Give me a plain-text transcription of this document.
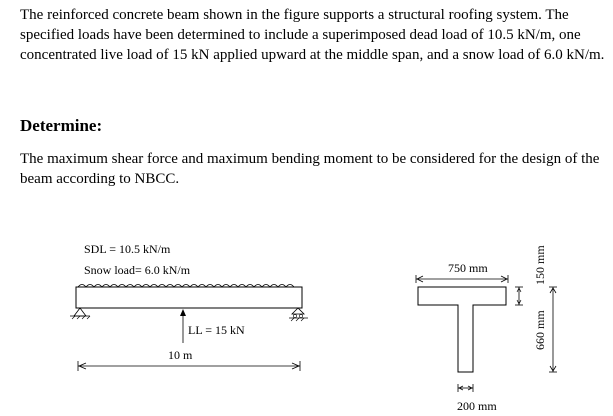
The reinforced concrete beam shown in the figure supports a structural roofing system. The specified loads have been determined to include a superimposed dead load of 10.5 kN/m, one concentrated live load of 15 kN applied upward at the middle span, and a snow load of 6.0 kN/m.

Determine:

The maximum shear force and maximum bending moment to be considered for the design of the beam according to NBCC.

SDL = 10.5 kN/m
Snow load= 6.0 kN/m
LL = 15 kN
10 m
750 mm
200 mm
150 mm
660 mm
